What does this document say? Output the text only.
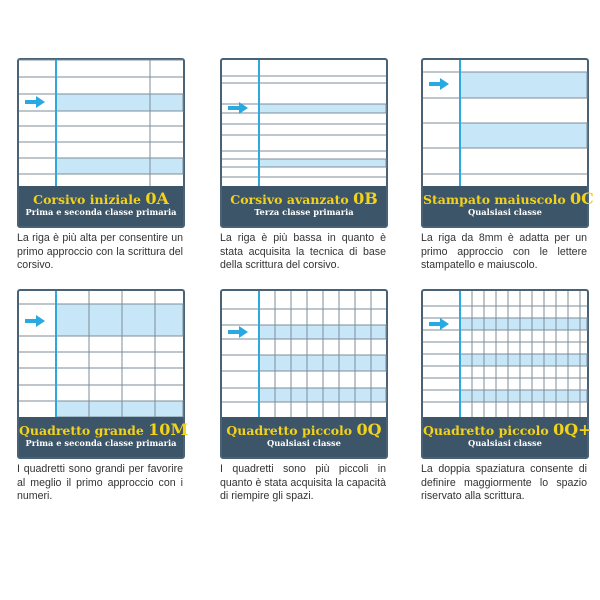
Corsivo iniziale 0A
Prima e seconda classe primaria
La riga è più alta per consentire un primo approccio con la scrittura del corsivo.
Corsivo avanzato 0B
Terza classe primaria
La riga è più bassa in quanto è stata acquisita la tecnica di base della scrittura del corsivo.
Stampato maiuscolo 0C
Qualsiasi classe
La riga da 8mm è adatta per un primo approccio con le lettere stampatello e maiuscolo.
Quadretto grande 10M
Prima e seconda classe primaria
I quadretti sono grandi per favorire al meglio il primo approccio con i numeri.
Quadretto piccolo 0Q
Qualsiasi classe
I quadretti sono più piccoli in quanto è stata acquisita la capacità di riempire gli spazi.
Quadretto piccolo 0Q+
Qualsiasi classe
La doppia spaziatura consente di definire maggiormente lo spazio riservato alla scrittura.
